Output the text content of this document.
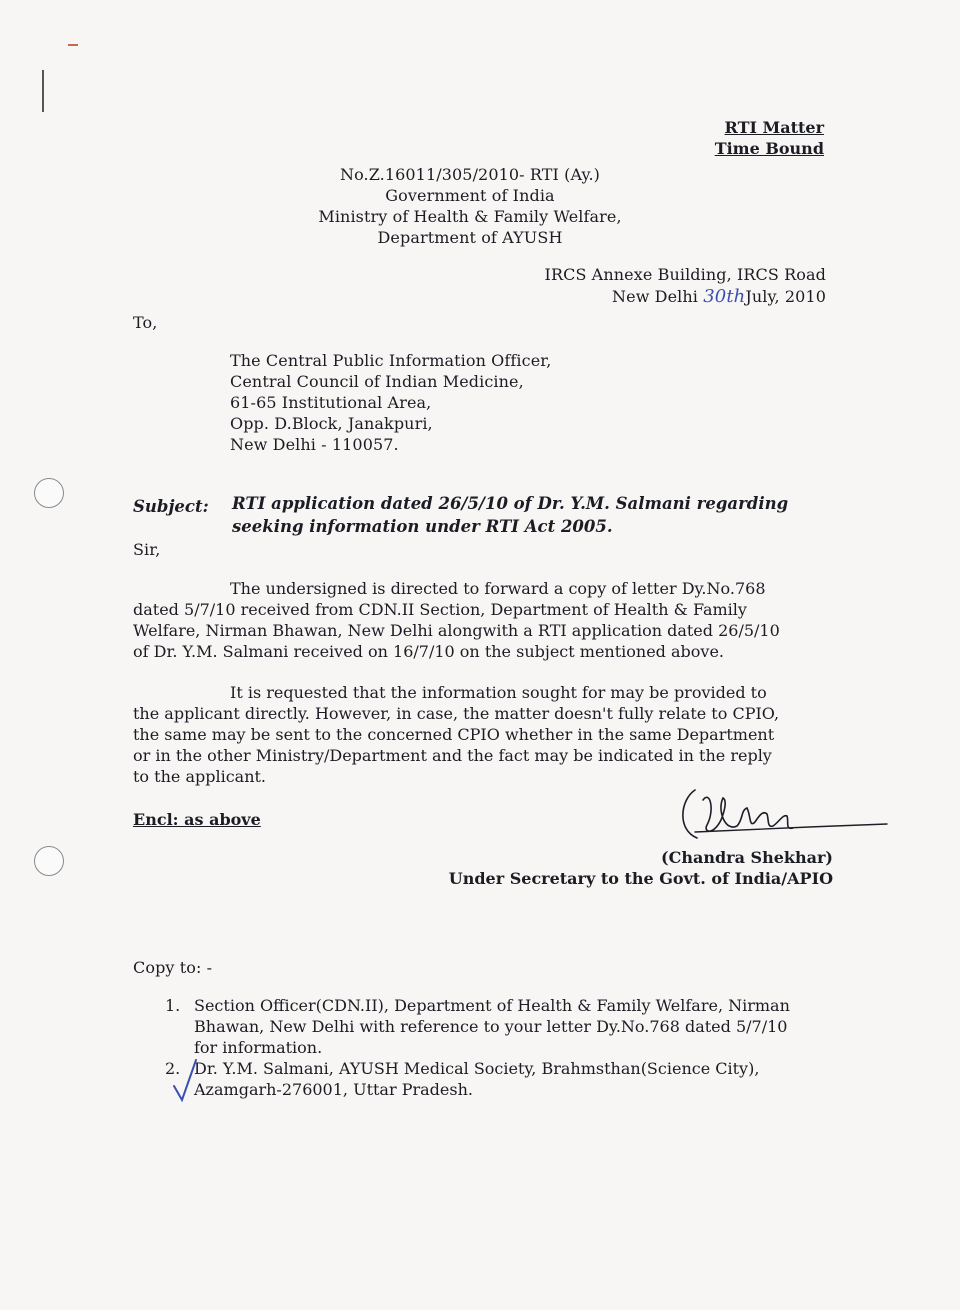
RTI Matter
Time Bound
No.Z.16011/305/2010- RTI (Ay.)
Government of India
Ministry of Health & Family Welfare,
Department of AYUSH
IRCS Annexe Building, IRCS Road
New Delhi 30thJuly, 2010
To,
The Central Public Information Officer,
Central Council of Indian Medicine,
61-65 Institutional Area,
Opp. D.Block, Janakpuri,
New Delhi - 110057.
Subject: RTI application dated 26/5/10 of Dr. Y.M. Salmani regarding
seeking information under RTI Act 2005.
Sir,
The undersigned is directed to forward a copy of letter Dy.No.768
dated 5/7/10 received from CDN.II Section, Department of Health & Family
Welfare, Nirman Bhawan, New Delhi alongwith a RTI application dated 26/5/10
of Dr. Y.M. Salmani received on 16/7/10 on the subject mentioned above.
It is requested that the information sought for may be provided to
the applicant directly. However, in case, the matter doesn't fully relate to CPIO,
the same may be sent to the concerned CPIO whether in the same Department
or in the other Ministry/Department and the fact may be indicated in the reply
to the applicant.
Encl: as above
(Chandra Shekhar)
Under Secretary to the Govt. of India/APIO
Copy to: -
1. Section Officer(CDN.II), Department of Health & Family Welfare, Nirman
Bhawan, New Delhi with reference to your letter Dy.No.768 dated 5/7/10
for information.
2. Dr. Y.M. Salmani, AYUSH Medical Society, Brahmsthan(Science City),
Azamgarh-276001, Uttar Pradesh.
